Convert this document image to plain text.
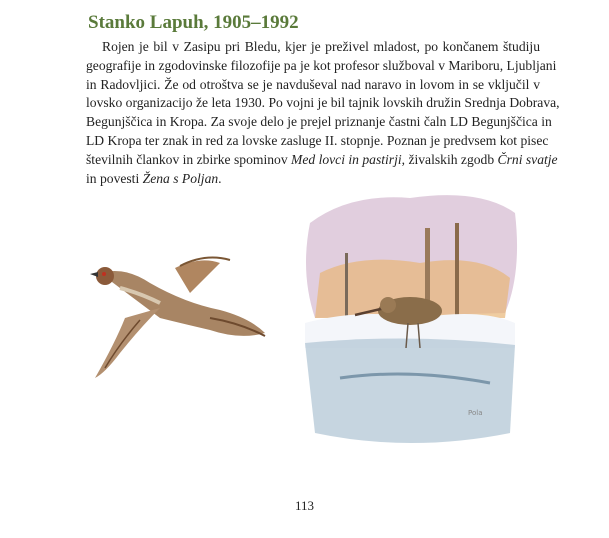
Stanko Lapuh, 1905–1992
Rojen je bil v Zasipu pri Bledu, kjer je preživel mladost, po končanem študiju
geografije in zgodovinske filozofije pa je kot profesor služboval v Mariboru, Ljubljani
in Radovljici. Že od otroštva se je navduševal nad naravo in lovom in se vključil v
lovsko organizacijo že leta 1930. Po vojni je bil tajnik lovskih družin Srednja Dobrava,
Begunjščica in Kropa. Za svoje delo je prejel priznanje častni čaln LD Begunjščica in
LD Kropa ter znak in red za lovske zasluge II. stopnje. Poznan je predvsem kot pisec
številnih člankov in zbirke spominov Med lovci in pastirji, živalskih zgodb Črni svatje
in povesti Žena s Poljan.
Pola
113
